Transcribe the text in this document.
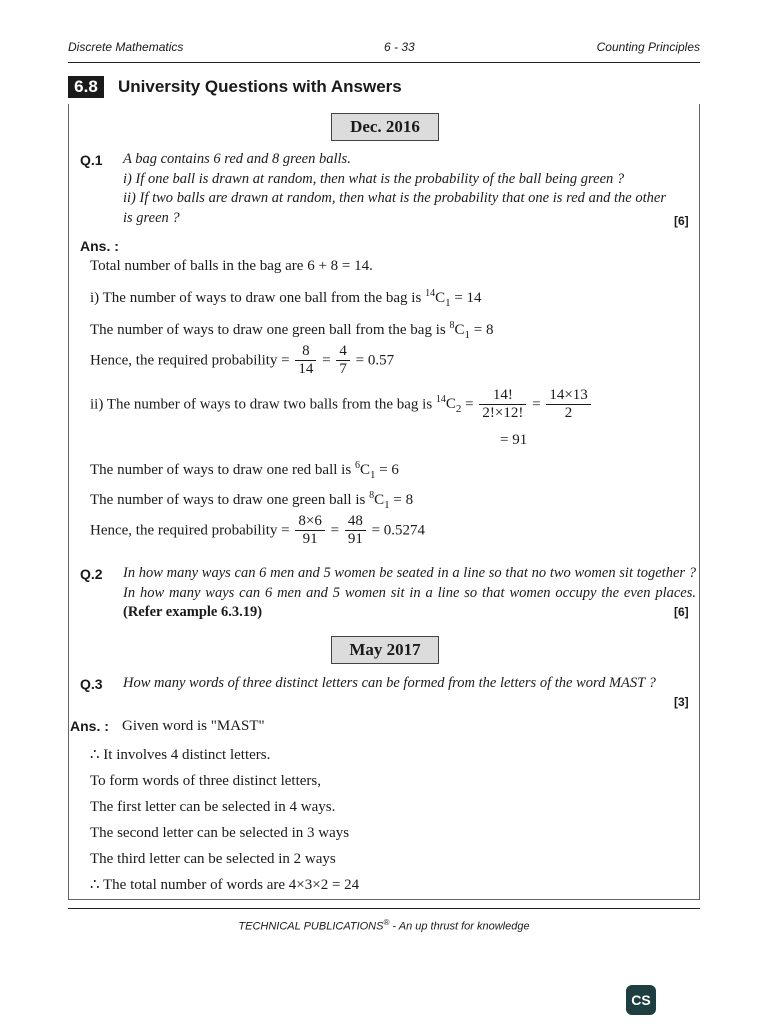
Discrete Mathematics	6 - 33	Counting Principles
6.8	University Questions with Answers
Dec. 2016
Q.1 A bag contains 6 red and 8 green balls.
i) If one ball is drawn at random, then what is the probability of the ball being green ?
ii) If two balls are drawn at random, then what is the probability that one is red and the other is green ?	[6]
Ans. :
Total number of balls in the bag are 6 + 8 = 14.
i) The number of ways to draw one ball from the bag is $^{14}C_1 = 14$
The number of ways to draw one green ball from the bag is $^8C_1 = 8$
Hence, the required probability = $\frac{8}{14} = \frac{4}{7} = 0.57$
ii) The number of ways to draw two balls from the bag is $^{14}C_2 = \frac{14!}{2!\times 12!} = \frac{14\times 13}{2}$
= 91
The number of ways to draw one red ball is $^6C_1 = 6$
The number of ways to draw one green ball is $^8C_1 = 8$
Hence, the required probability = $\frac{8\times 6}{91} = \frac{48}{91} = 0.5274$
Q.2 In how many ways can 6 men and 5 women be seated in a line so that no two women sit together ? In how many ways can 6 men and 5 women sit in a line so that women occupy the even places. (Refer example 6.3.19)	[6]
May 2017
Q.3 How many words of three distinct letters can be formed from the letters of the word MAST ?
[3]
Ans. : Given word is "MAST"
∴ It involves 4 distinct letters.
To form words of three distinct letters,
The first letter can be selected in 4 ways.
The second letter can be selected in 3 ways
The third letter can be selected in 2 ways
∴ The total number of words are 4×3×2 = 24
TECHNICAL PUBLICATIONS® - An up thrust for knowledge
CS
